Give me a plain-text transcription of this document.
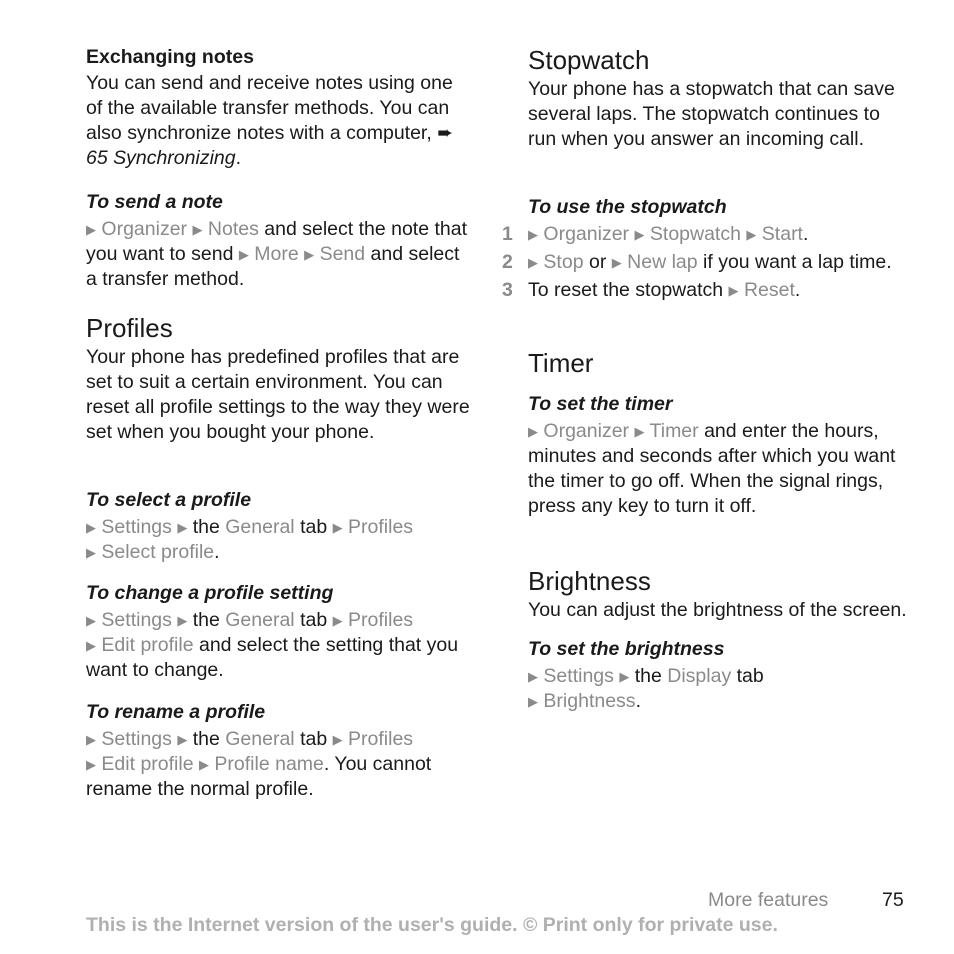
Exchanging notes

You can send and receive notes using one of the available transfer methods. You can also synchronize notes with a computer, ➨ 65 Synchronizing.

To send a note

▶ Organizer ▶ Notes and select the note that you want to send ▶ More ▶ Send and select a transfer method.

Profiles

Your phone has predefined profiles that are set to suit a certain environment. You can reset all profile settings to the way they were set when you bought your phone.

To select a profile

▶ Settings ▶ the General tab ▶ Profiles
▶ Select profile.

To change a profile setting

▶ Settings ▶ the General tab ▶ Profiles
▶ Edit profile and select the setting that you want to change.

To rename a profile

▶ Settings ▶ the General tab ▶ Profiles
▶ Edit profile ▶ Profile name. You cannot rename the normal profile.

Stopwatch

Your phone has a stopwatch that can save several laps. The stopwatch continues to run when you answer an incoming call.

To use the stopwatch

1	▶ Organizer ▶ Stopwatch ▶ Start.

2	▶ Stop or ▶ New lap if you want a lap time.

3 To reset the stopwatch ▶ Reset.

Timer

To set the timer

▶ Organizer ▶ Timer and enter the hours, minutes and seconds after which you want the timer to go off. When the signal rings, press any key to turn it off.

Brightness

You can adjust the brightness of the screen.

To set the brightness

▶ Settings ▶ the Display tab
▶ Brightness.

More features	75
This is the Internet version of the user's guide. © Print only for private use.
